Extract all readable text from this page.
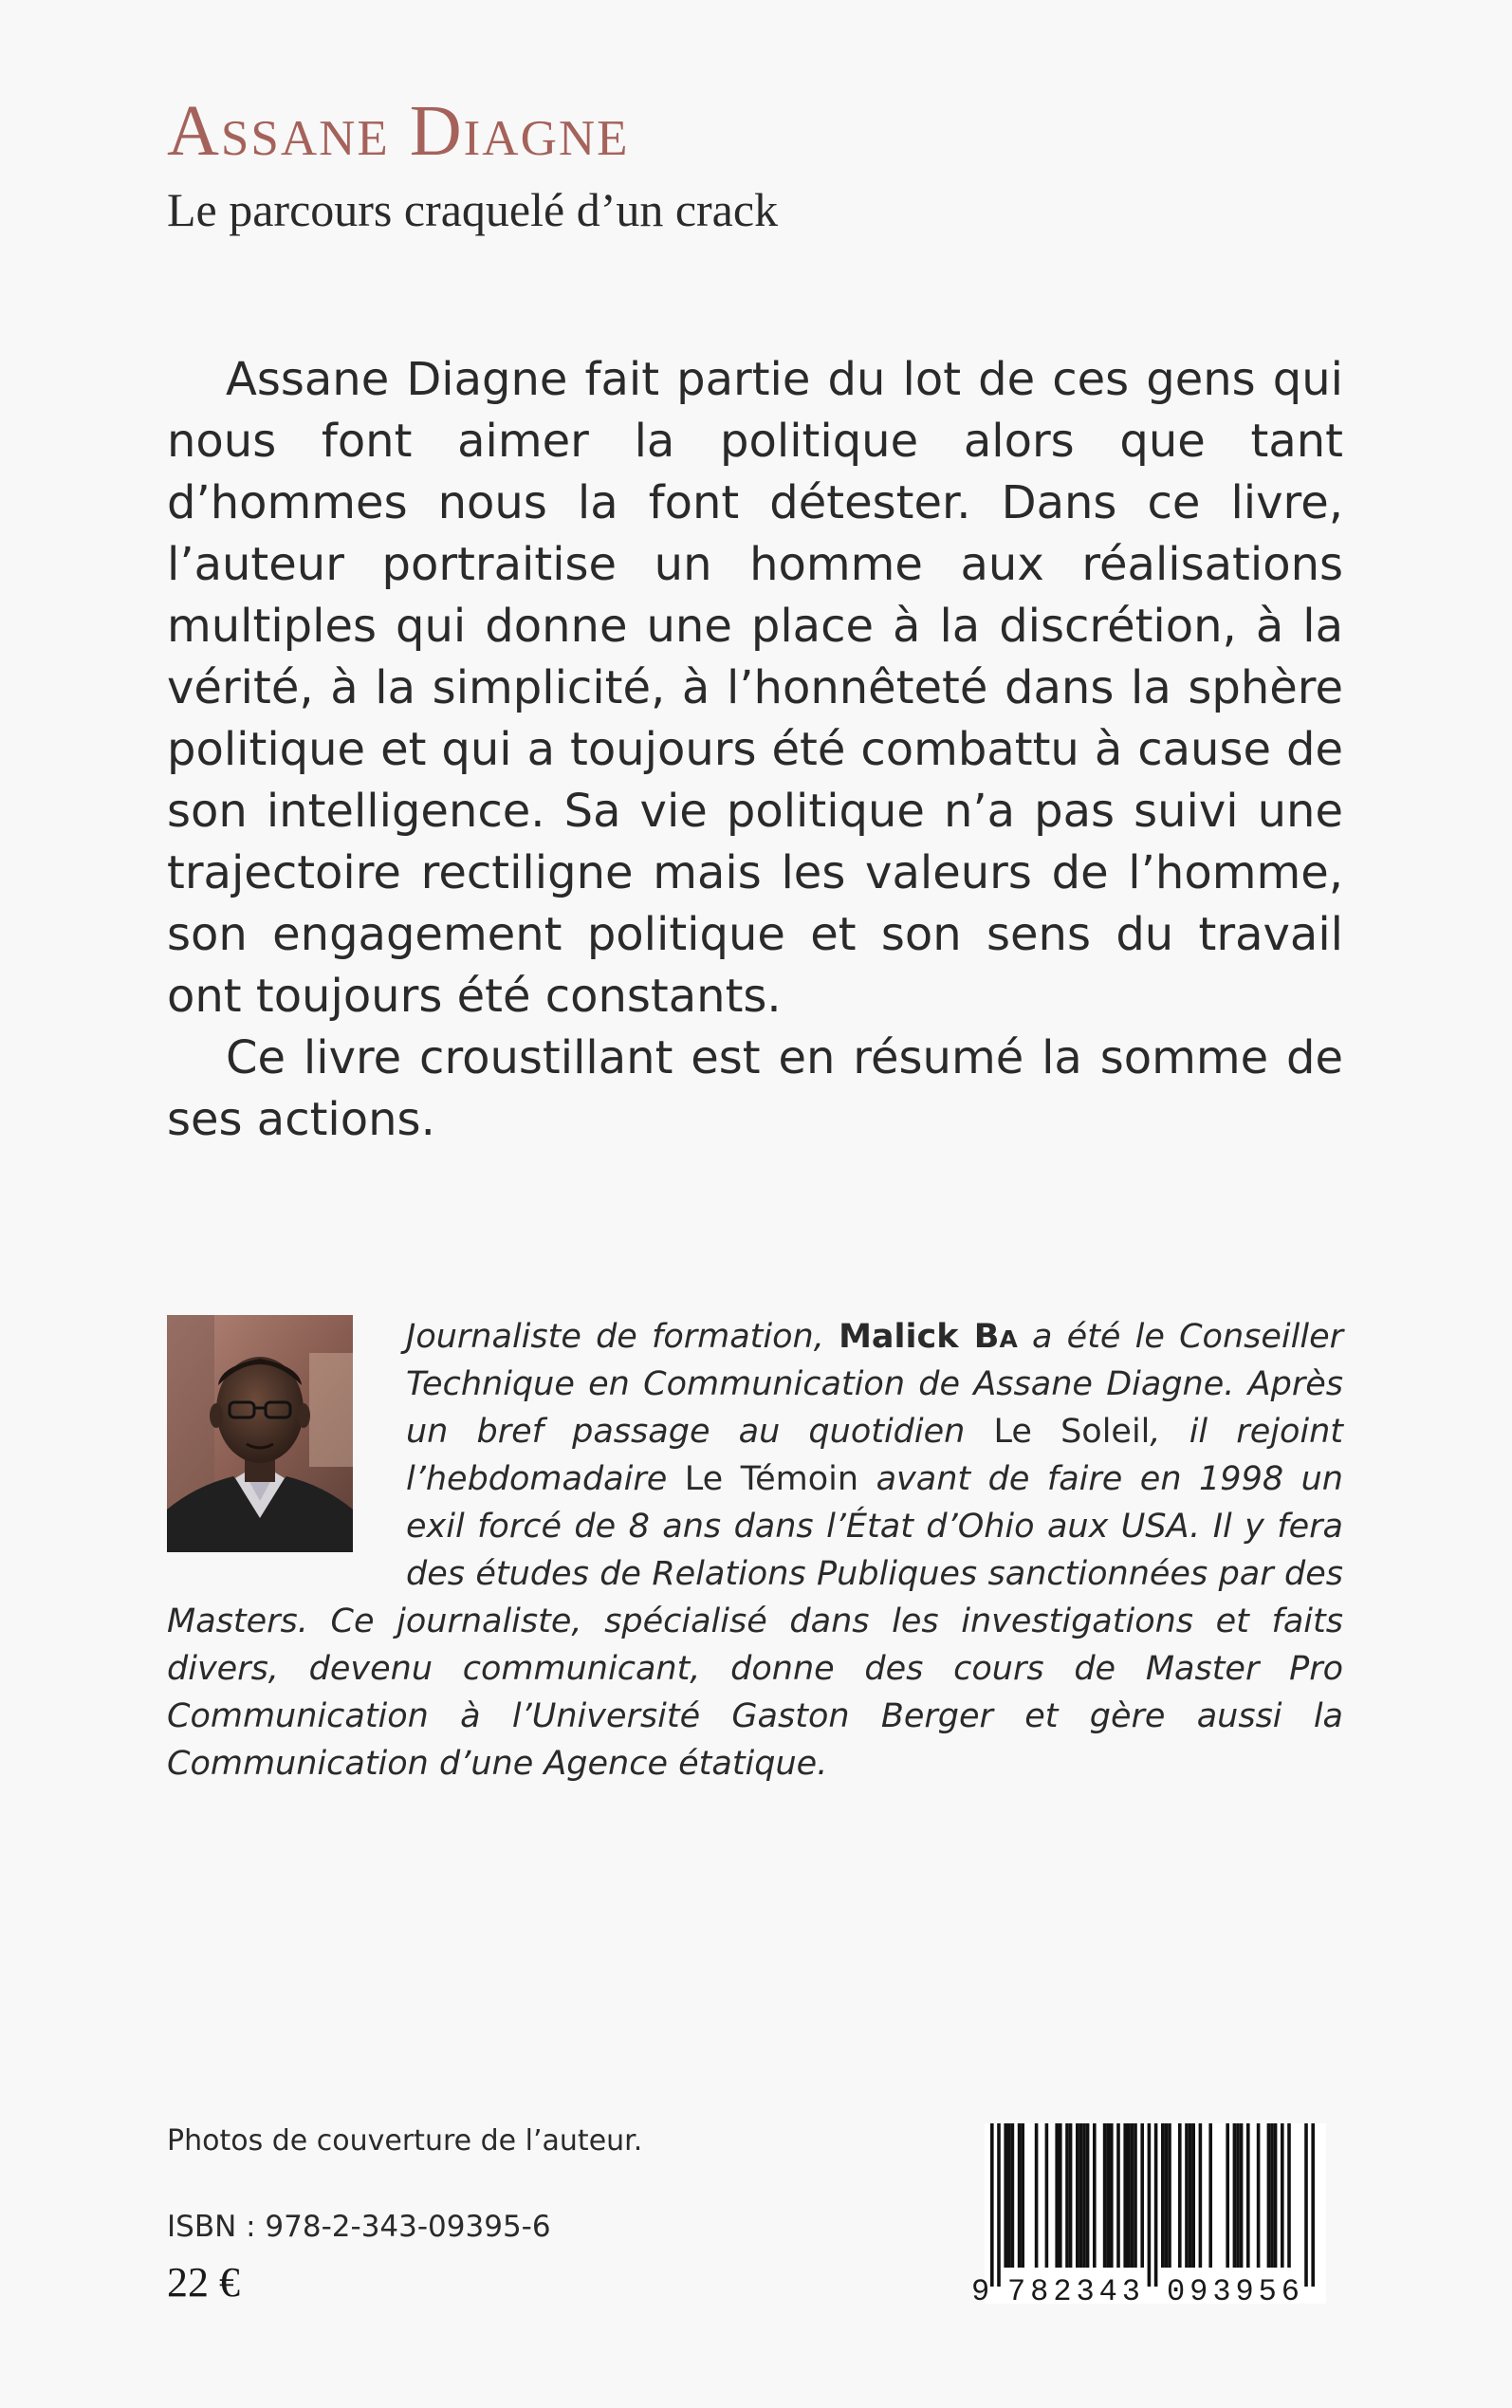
Assane Diagne
Le parcours craquelé d’un crack

Assane Diagne fait partie du lot de ces gens qui nous font aimer la politique alors que tant d’hommes nous la font détester. Dans ce livre, l’auteur portraitise un homme aux réalisations multiples qui donne une place à la discrétion, à la vérité, à la simplicité, à l’honnêteté dans la sphère politique et qui a toujours été combattu à cause de son intelligence. Sa vie politique n’a pas suivi une trajectoire rectiligne mais les valeurs de l’homme, son engagement politique et son sens du travail ont toujours été constants.

Ce livre croustillant est en résumé la somme de ses actions.

Journaliste de formation, Malick Ba a été le Conseiller Technique en Communication de Assane Diagne. Après un bref passage au quotidien Le Soleil, il rejoint l’hebdomadaire Le Témoin avant de faire en 1998 un exil forcé de 8 ans dans l’État d’Ohio aux USA. Il y fera des études de Relations Publiques sanctionnées par des Masters. Ce journaliste, spécialisé dans les investigations et faits divers, devenu communicant, donne des cours de Master Pro Communication à l’Université Gaston Berger et gère aussi la Communication d’une Agence étatique.
Photos de couverture de l’auteur.
ISBN : 978-2-343-09395-6
22 €	9 782343 093956
